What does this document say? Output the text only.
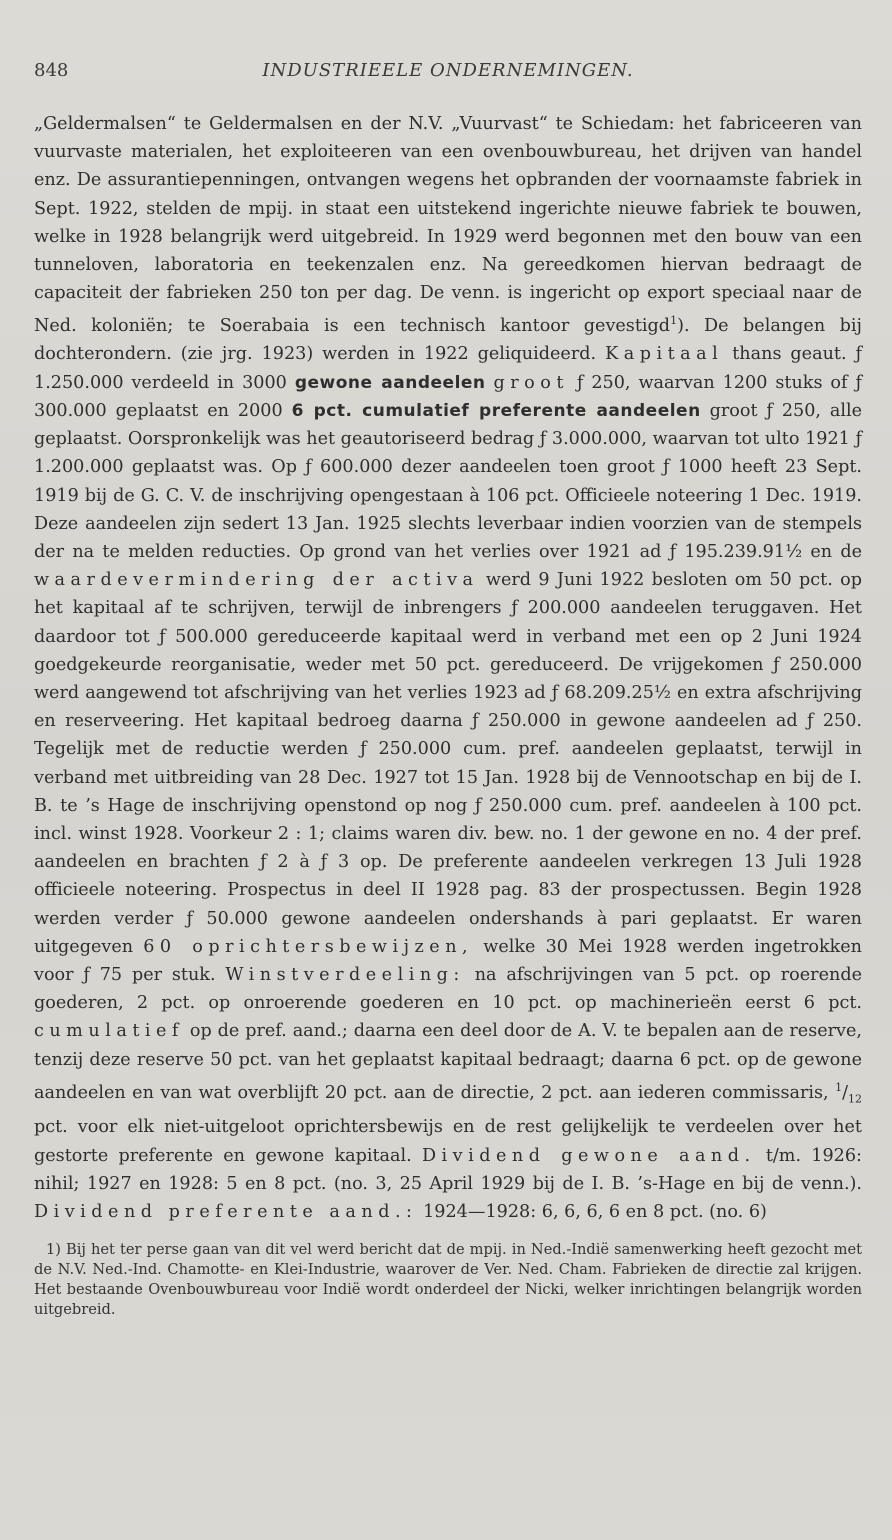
848	INDUSTRIEELE ONDERNEMINGEN.

„Geldermalsen“ te Geldermalsen en der N.V. „Vuurvast“ te Schiedam: het fabriceeren van vuurvaste materialen, het exploiteeren van een ovenbouwbureau, het drijven van handel enz. De assurantiepenningen, ontvangen wegens het opbranden der voornaamste fabriek in Sept. 1922, stelden de mpij. in staat een uitstekend ingerichte nieuwe fabriek te bouwen, welke in 1928 belangrijk werd uitgebreid. In 1929 werd begonnen met den bouw van een tunneloven, laboratoria en teekenzalen enz. Na gereedkomen hiervan bedraagt de capaciteit der fabrieken 250 ton per dag. De venn. is ingericht op export speciaal naar de Ned. koloniën; te Soerabaia is een technisch kantoor gevestigd$^1$). De belangen bij dochterondern. (zie jrg. 1923) werden in 1922 geliquideerd. Kapitaal thans geaut. ƒ 1.250.000 verdeeld in 3000 gewone aandeelen groot ƒ 250, waarvan 1200 stuks of ƒ 300.000 geplaatst en 2000 6 pct. cumulatief preferente aandeelen groot ƒ 250, alle geplaatst. Oorspronkelijk was het geautoriseerd bedrag ƒ 3.000.000, waarvan tot ulto 1921 ƒ 1.200.000 geplaatst was. Op ƒ 600.000 dezer aandeelen toen groot ƒ 1000 heeft 23 Sept. 1919 bij de G. C. V. de inschrijving opengestaan à 106 pct. Officieele noteering 1 Dec. 1919. Deze aandeelen zijn sedert 13 Jan. 1925 slechts leverbaar indien voorzien van de stempels der na te melden reducties. Op grond van het verlies over 1921 ad ƒ 195.239.91½ en de waardevermindering der activa werd 9 Juni 1922 besloten om 50 pct. op het kapitaal af te schrijven, terwijl de inbrengers ƒ 200.000 aandeelen teruggaven. Het daardoor tot ƒ 500.000 gereduceerde kapitaal werd in verband met een op 2 Juni 1924 goedgekeurde reorganisatie, weder met 50 pct. gereduceerd. De vrijgekomen ƒ 250.000 werd aangewend tot afschrijving van het verlies 1923 ad ƒ 68.209.25½ en extra afschrijving en reserveering. Het kapitaal bedroeg daarna ƒ 250.000 in gewone aandeelen ad ƒ 250. Tegelijk met de reductie werden ƒ 250.000 cum. pref. aandeelen geplaatst, terwijl in verband met uitbreiding van 28 Dec. 1927 tot 15 Jan. 1928 bij de Vennootschap en bij de I. B. te ’s Hage de inschrijving openstond op nog ƒ 250.000 cum. pref. aandeelen à 100 pct. incl. winst 1928. Voorkeur 2 : 1; claims waren div. bew. no. 1 der gewone en no. 4 der pref. aandeelen en brachten ƒ 2 à ƒ 3 op. De preferente aandeelen verkregen 13 Juli 1928 officieele noteering. Prospectus in deel II 1928 pag. 83 der prospectussen. Begin 1928 werden verder ƒ 50.000 gewone aandeelen ondershands à pari geplaatst. Er waren uitgegeven 60 oprichtersbewijzen, welke 30 Mei 1928 werden ingetrokken voor ƒ 75 per stuk. Winstverdeeling: na afschrijvingen van 5 pct. op roerende goederen, 2 pct. op onroerende goederen en 10 pct. op machinerieën eerst 6 pct. cumulatief op de pref. aand.; daarna een deel door de A. V. te bepalen aan de reserve, tenzij deze reserve 50 pct. van het geplaatst kapitaal bedraagt; daarna 6 pct. op de gewone aandeelen en van wat overblijft 20 pct. aan de directie, 2 pct. aan iederen commissaris, $^1/_{12}$ pct. voor elk niet-uitgeloot oprichtersbewijs en de rest gelijkelijk te verdeelen over het gestorte preferente en gewone kapitaal. Dividend gewone aand. t/m. 1926: nihil; 1927 en 1928: 5 en 8 pct. (no. 3, 25 April 1929 bij de I. B. ’s-Hage en bij de venn.). Dividend preferente aand.: 1924—1928: 6, 6, 6, 6 en 8 pct. (no. 6)

1) Bij het ter perse gaan van dit vel werd bericht dat de mpij. in Ned.-Indië samenwerking heeft gezocht met de N.V. Ned.-Ind. Chamotte- en Klei-Industrie, waarover de Ver. Ned. Cham. Fabrieken de directie zal krijgen. Het bestaande Ovenbouwbureau voor Indië wordt onderdeel der Nicki, welker inrichtingen belangrijk worden uitgebreid.
